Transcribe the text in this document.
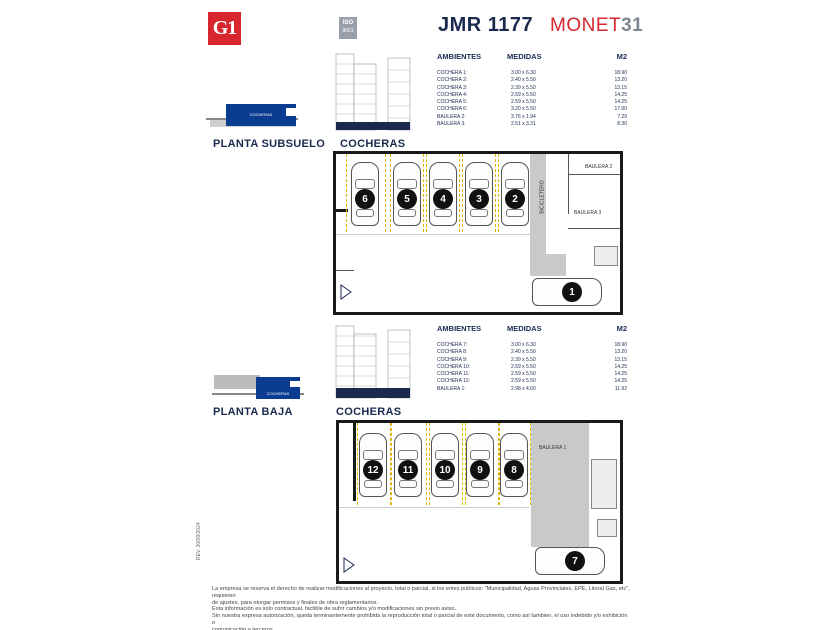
G1	ISO
9001	JMR 1177 MONET31
COCHERAS
AMBIENTES	MEDIDAS	M2
COCHERA 1:	3.00 x 6.30	18.90
COCHERA 2:	2.40 x 5.50	13.20
COCHERA 3:	2.39 x 5.50	13.15
COCHERA 4:	2.59 x 5.50	14.25
COCHERA 5:	2.59 x 5.50	14.25
COCHERA 6:	3.20 x 5.50	17.60
BAULERA 2:	3.76 x 1.94	7.29
BAULERA 3:	2.51 x 3.31	8.30
PLANTA SUBSUELO COCHERAS
6	5	4	3	2	BICICLETERO
BAULERA 2
BAULERA 3
1
COCHERAS
AMBIENTES	MEDIDAS	M2
COCHERA 7:	3.00 x 6.30	18.90
COCHERA 8:	2.40 x 5.50	13.20
COCHERA 9:	2.39 x 5.50	13.15
COCHERA 10:	2.59 x 5.50	14.25
COCHERA 11:	2.59 x 5.50	14.25
COCHERA 12:	2.59 x 5.50	14.25
BAULERA 1:	2.98 x 4.00	11.92
PLANTA BAJA	COCHERAS
12	11	10	9	8
BAULERA 1
7
REV. 30/09/2024
La empresa se reserva el derecho de realizar modificaciones al proyecto, total o parcial, si los entes públicos: "Municipalidad, Aguas Provinciales, EPE, Litoral Gas, etc", requieren
de ajustes, para otorgar permisos y finales de obra reglamentarios.
Esta información es solo contractual, factible de sufrir cambios y/o modificaciones sin previo aviso.
Sin nuestra expresa autorización, queda terminantemente prohibida la reproducción total o parcial de este documento, como así tambien, el uso indebido y/o exhibición o
comunicación a terceros.
